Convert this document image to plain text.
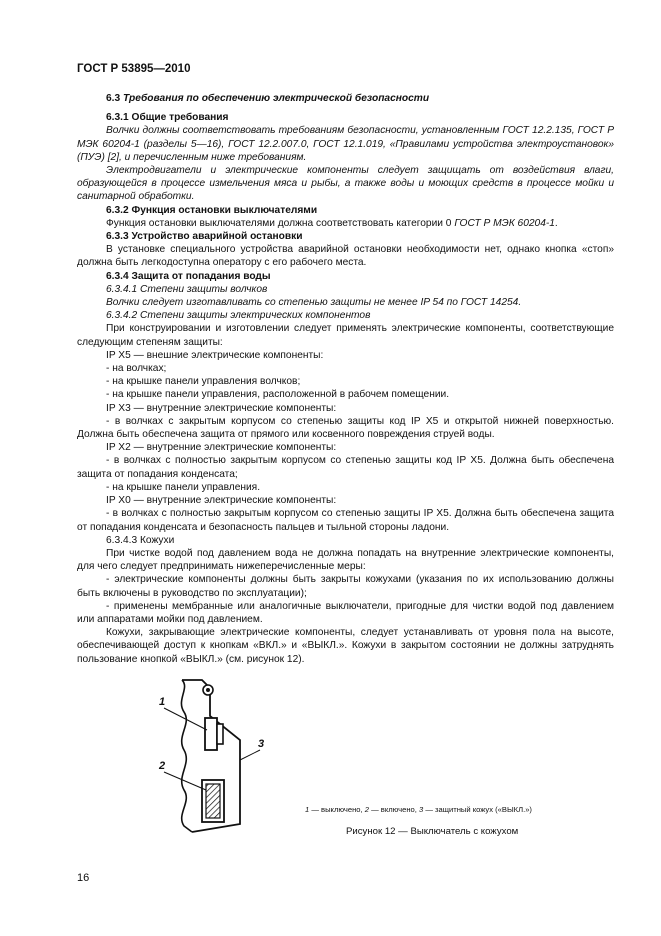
ГОСТ Р 53895—2010

6.3 Требования по обеспечению электрической безопасности

6.3.1 Общие требования

Волчки должны соответствовать требованиям безопасности, установленным ГОСТ 12.2.135, ГОСТ Р МЭК 60204-1 (разделы 5—16), ГОСТ 12.2.007.0, ГОСТ 12.1.019, «Правилами устройства электроустановок» (ПУЭ) [2], и перечисленным ниже требованиям.

Электродвигатели и электрические компоненты следует защищать от воздействия влаги, образующейся в процессе измельчения мяса и рыбы, а также воды и моющих средств в процессе мойки и санитарной обработки.

6.3.2 Функция остановки выключателями

Функция остановки выключателями должна соответствовать категории 0 ГОСТ Р МЭК 60204-1.

6.3.3 Устройство аварийной остановки

В установке специального устройства аварийной остановки необходимости нет, однако кнопка «стоп» должна быть легкодоступна оператору с его рабочего места.

6.3.4 Защита от попадания воды

6.3.4.1 Степени защиты волчков

Волчки следует изготавливать со степенью защиты не менее IP 54 по ГОСТ 14254.

6.3.4.2 Степени защиты электрических компонентов

При конструировании и изготовлении следует применять электрические компоненты, соответствующие следующим степеням защиты:

IP X5 — внешние электрические компоненты:

- на волчках;

- на крышке панели управления волчков;

- на крышке панели управления, расположенной в рабочем помещении.

IP X3 — внутренние электрические компоненты:

- в волчках с закрытым корпусом со степенью защиты код IP X5 и открытой нижней поверхностью. Должна быть обеспечена защита от прямого или косвенного повреждения струей воды.

IP X2 — внутренние электрические компоненты:

- в волчках с полностью закрытым корпусом со степенью защиты код IP X5. Должна быть обеспечена защита от попадания конденсата;

- на крышке панели управления.

IP X0 — внутренние электрические компоненты:

- в волчках с полностью закрытым корпусом со степенью защиты IP X5. Должна быть обеспечена защита от попадания конденсата и безопасность пальцев и тыльной стороны ладони.

6.3.4.3 Кожухи

При чистке водой под давлением вода не должна попадать на внутренние электрические компоненты, для чего следует предпринимать нижеперечисленные меры:

- электрические компоненты должны быть закрыты кожухами (указания по их использованию должны быть включены в руководство по эксплуатации);

- применены мембранные или аналогичные выключатели, пригодные для чистки водой под давлением или аппаратами мойки под давлением.

Кожухи, закрывающие электрические компоненты, следует устанавливать от уровня пола на высоте, обеспечивающей доступ к кнопкам «ВКЛ.» и «ВЫКЛ.». Кожухи в закрытом состоянии не должны затруднять пользование кнопкой «ВЫКЛ.» (см. рисунок 12).

1
2
3
1 — выключено, 2 — включено, 3 — защитный кожух («ВЫКЛ.»)
Рисунок 12 — Выключатель с кожухом
16
